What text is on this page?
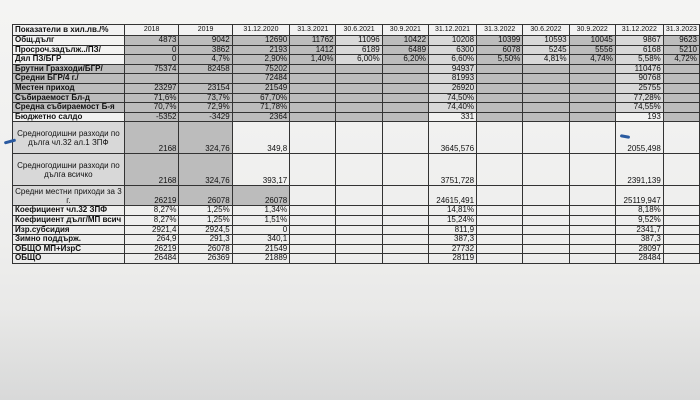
Показатели в хил.лв./%	2018	2019	31.12.2020	31.3.2021	30.6.2021	30.9.2021	31.12.2021	31.3.2022	30.6.2022	30.9.2022	31.12.2022	31.3.2023
Общ.дълг	4873	9042	12690	11762	11096	10422	10208	10399	10593	10045	9867	9623
Просроч.задълж../ПЗ/	0	3862	2193	1412	6189	6489	6300	6078	5245	5556	6168	5210
Дял ПЗ/БГР	0	4,7%	2,90%	1,40%	6,00%	6,20%	6,60%	5,50%	4,81%	4,74%	5,58%	4,72%
Брутни Гразходи/БГР/	75374	82458	75202				94937				110476	
Средни БГР/4 г./			72484				81993				90768	
Местен приход	23297	23154	21549				26920				25755	
Събираемост Бл-д	71,6%	73,7%	67,70%				74,50%				77,28%	
Средна събираемост Б-я	70,7%	72,9%	71,78%				74,40%				74,55%	
Бюджетно салдо	-5352	-3429	2364				331				193	
Средногодишни разходи по дълга чл.32 ал.1 ЗПФ	2168	324,76	349,8				3645,576				2055,498	
Средногодишни разходи по дълга всичко	2168	324,76	393,17				3751,728				2391,139	
Средни местни приходи за 3 г.	26219	26078	26078				24615,491				25119,947	
Коефициент чл.32 ЗПФ	8,27%	1,25%	1,34%				14,81%				8,18%	
Коефициент дълг/МП всич	8,27%	1,25%	1,51%				15,24%				9,52%	
Изр.субсидия	2921,4	2924,5	0				811,9				2341,7	
Зимно поддърж.	264,9	291,3	340,1				387,3				387,3	
ОБЩО МП+ИзрС	26219	26078	21549				27732				28097	
ОБЩО	26484	26369	21889				28119				28484	
